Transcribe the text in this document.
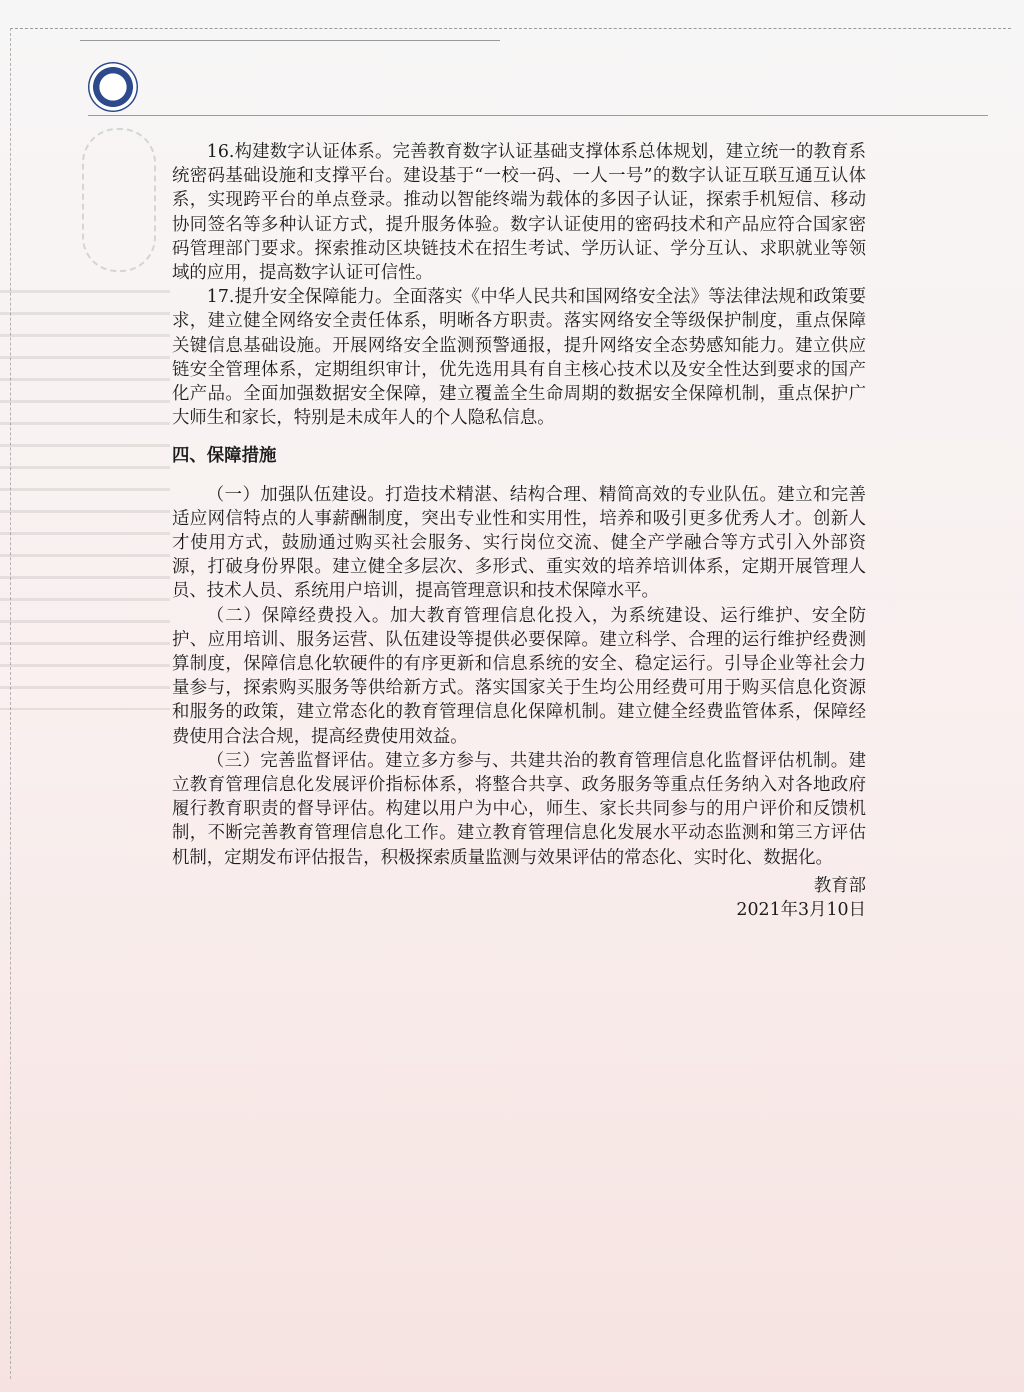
16.构建数字认证体系。完善教育数字认证基础支撑体系总体规划，建立统一的教育系统密码基础设施和支撑平台。建设基于“一校一码、一人一号”的数字认证互联互通互认体系，实现跨平台的单点登录。推动以智能终端为载体的多因子认证，探索手机短信、移动协同签名等多种认证方式，提升服务体验。数字认证使用的密码技术和产品应符合国家密码管理部门要求。探索推动区块链技术在招生考试、学历认证、学分互认、求职就业等领域的应用，提高数字认证可信性。

17.提升安全保障能力。全面落实《中华人民共和国网络安全法》等法律法规和政策要求，建立健全网络安全责任体系，明晰各方职责。落实网络安全等级保护制度，重点保障关键信息基础设施。开展网络安全监测预警通报，提升网络安全态势感知能力。建立供应链安全管理体系，定期组织审计，优先选用具有自主核心技术以及安全性达到要求的国产化产品。全面加强数据安全保障，建立覆盖全生命周期的数据安全保障机制，重点保护广大师生和家长，特别是未成年人的个人隐私信息。

四、保障措施

（一）加强队伍建设。打造技术精湛、结构合理、精简高效的专业队伍。建立和完善适应网信特点的人事薪酬制度，突出专业性和实用性，培养和吸引更多优秀人才。创新人才使用方式，鼓励通过购买社会服务、实行岗位交流、健全产学融合等方式引入外部资源，打破身份界限。建立健全多层次、多形式、重实效的培养培训体系，定期开展管理人员、技术人员、系统用户培训，提高管理意识和技术保障水平。

（二）保障经费投入。加大教育管理信息化投入，为系统建设、运行维护、安全防护、应用培训、服务运营、队伍建设等提供必要保障。建立科学、合理的运行维护经费测算制度，保障信息化软硬件的有序更新和信息系统的安全、稳定运行。引导企业等社会力量参与，探索购买服务等供给新方式。落实国家关于生均公用经费可用于购买信息化资源和服务的政策，建立常态化的教育管理信息化保障机制。建立健全经费监管体系，保障经费使用合法合规，提高经费使用效益。

（三）完善监督评估。建立多方参与、共建共治的教育管理信息化监督评估机制。建立教育管理信息化发展评价指标体系，将整合共享、政务服务等重点任务纳入对各地政府履行教育职责的督导评估。构建以用户为中心，师生、家长共同参与的用户评价和反馈机制，不断完善教育管理信息化工作。建立教育管理信息化发展水平动态监测和第三方评估机制，定期发布评估报告，积极探索质量监测与效果评估的常态化、实时化、数据化。

教育部
2021年3月10日
